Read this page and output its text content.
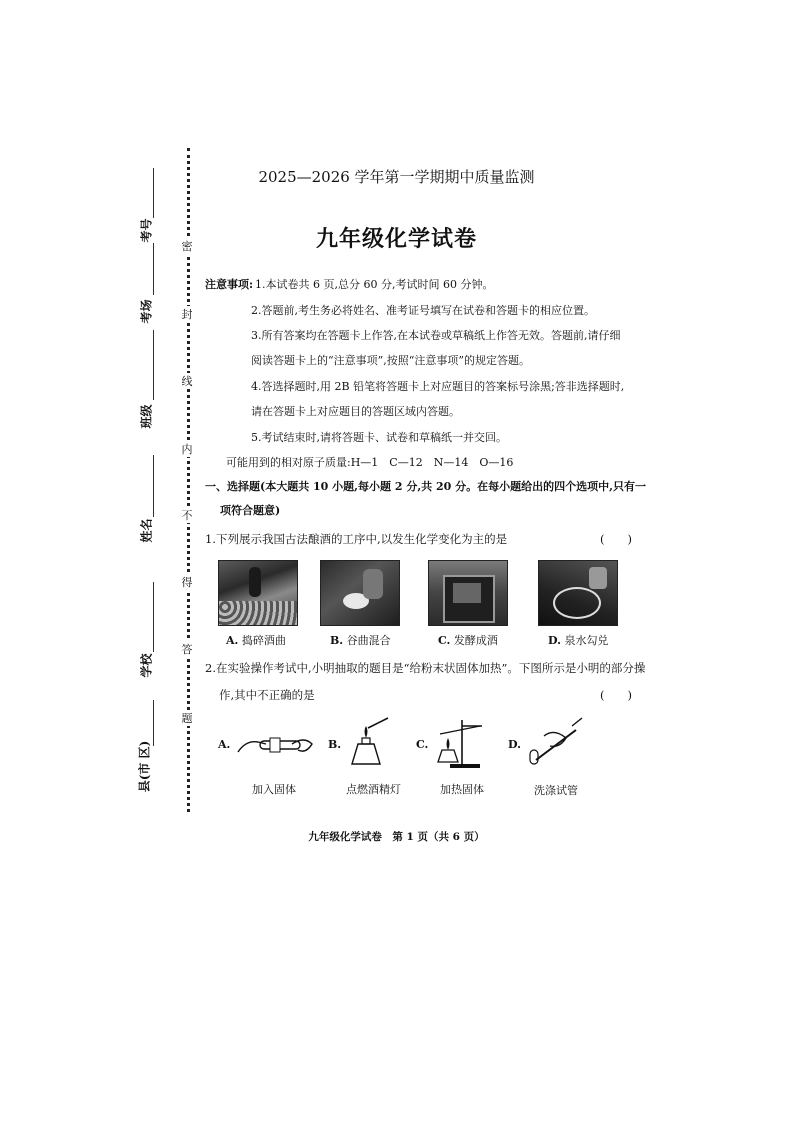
考号
考场
班级
姓名
学校
县(市 区)
密
封
线
内
不
得
答
题
2025—2026 学年第一学期期中质量监测
九年级化学试卷
注意事项: 1.本试卷共 6 页,总分 60 分,考试时间 60 分钟。
2.答题前,考生务必将姓名、准考证号填写在试卷和答题卡的相应位置。
3.所有答案均在答题卡上作答,在本试卷或草稿纸上作答无效。答题前,请仔细
阅读答题卡上的“注意事项”,按照“注意事项”的规定答题。
4.答选择题时,用 2B 铅笔将答题卡上对应题目的答案标号涂黑;答非选择题时,
请在答题卡上对应题目的答题区域内答题。
5.考试结束时,请将答题卡、试卷和草稿纸一并交回。
可能用到的相对原子质量:H—1　C—12　N—14　O—16
一、选择题(本大题共 10 小题,每小题 2 分,共 20 分。在每小题给出的四个选项中,只有一
项符合题意)
1.下列展示我国古法酿酒的工序中,以发生化学变化为主的是	(　　)
A. 捣碎酒曲	B. 谷曲混合	C. 发酵成酒	D. 泉水勾兑
2.在实验操作考试中,小明抽取的题目是“给粉末状固体加热”。下图所示是小明的部分操
作,其中不正确的是	(　　)
A.	B.	C.	D.
加入固体	点燃酒精灯	加热固体	洗涤试管
九年级化学试卷　第 1 页（共 6 页）
